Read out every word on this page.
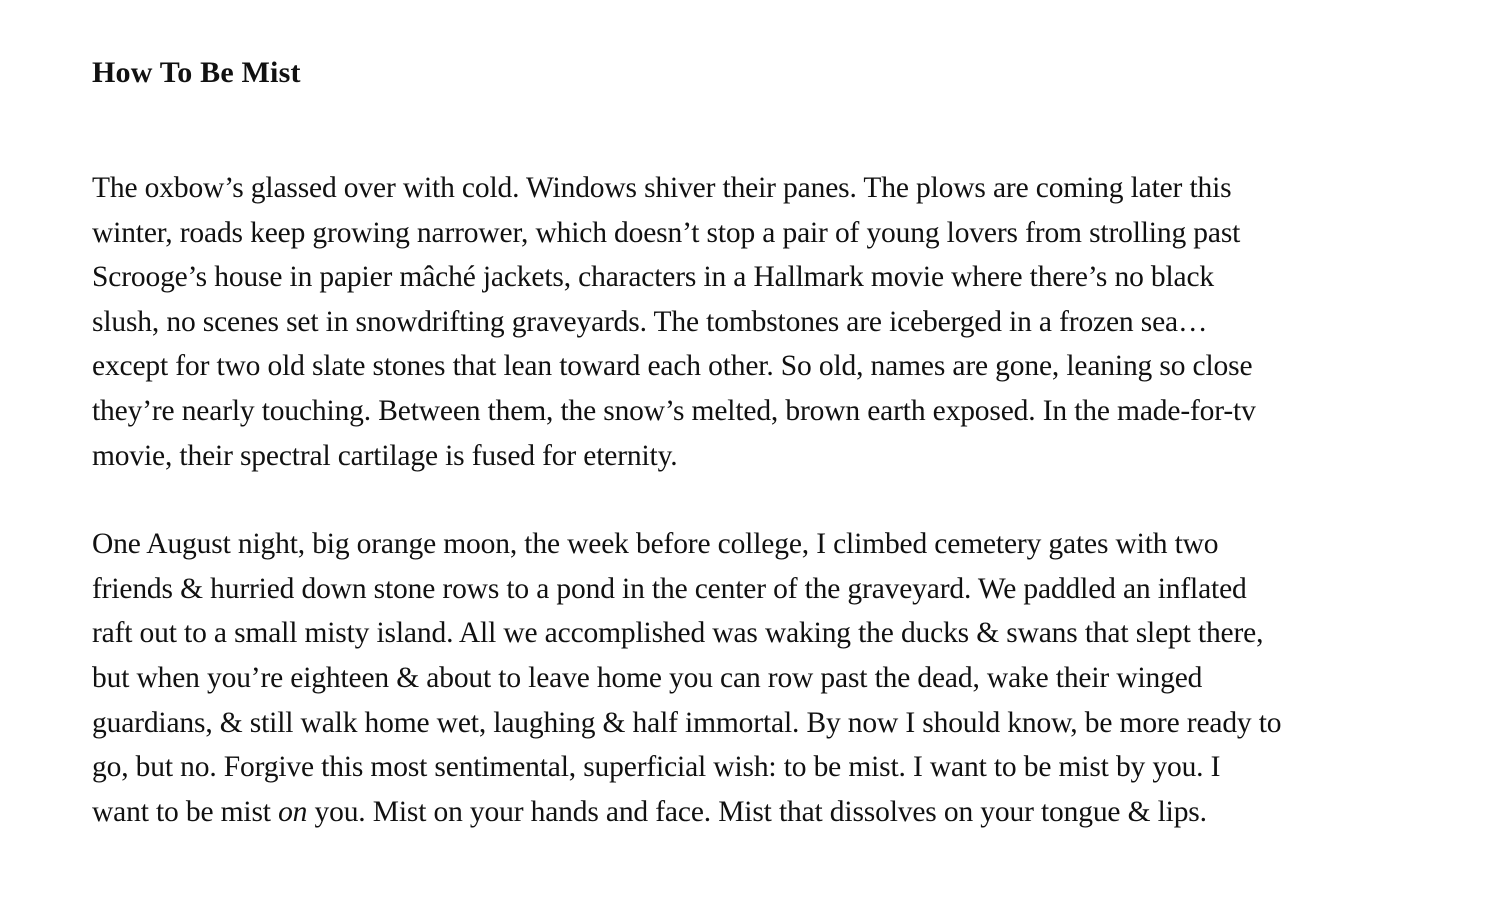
How To Be Mist

The oxbow’s glassed over with cold. Windows shiver their panes. The plows are coming later this
winter, roads keep growing narrower, which doesn’t stop a pair of young lovers from strolling past
Scrooge’s house in papier mâché jackets, characters in a Hallmark movie where there’s no black
slush, no scenes set in snowdrifting graveyards. The tombstones are iceberged in a frozen sea…
except for two old slate stones that lean toward each other. So old, names are gone, leaning so close
they’re nearly touching. Between them, the snow’s melted, brown earth exposed. In the made-for-tv
movie, their spectral cartilage is fused for eternity.

One August night, big orange moon, the week before college, I climbed cemetery gates with two
friends & hurried down stone rows to a pond in the center of the graveyard. We paddled an inflated
raft out to a small misty island. All we accomplished was waking the ducks & swans that slept there,
but when you’re eighteen & about to leave home you can row past the dead, wake their winged
guardians, & still walk home wet, laughing & half immortal. By now I should know, be more ready to
go, but no. Forgive this most sentimental, superficial wish: to be mist. I want to be mist by you. I
want to be mist on you. Mist on your hands and face. Mist that dissolves on your tongue & lips.
